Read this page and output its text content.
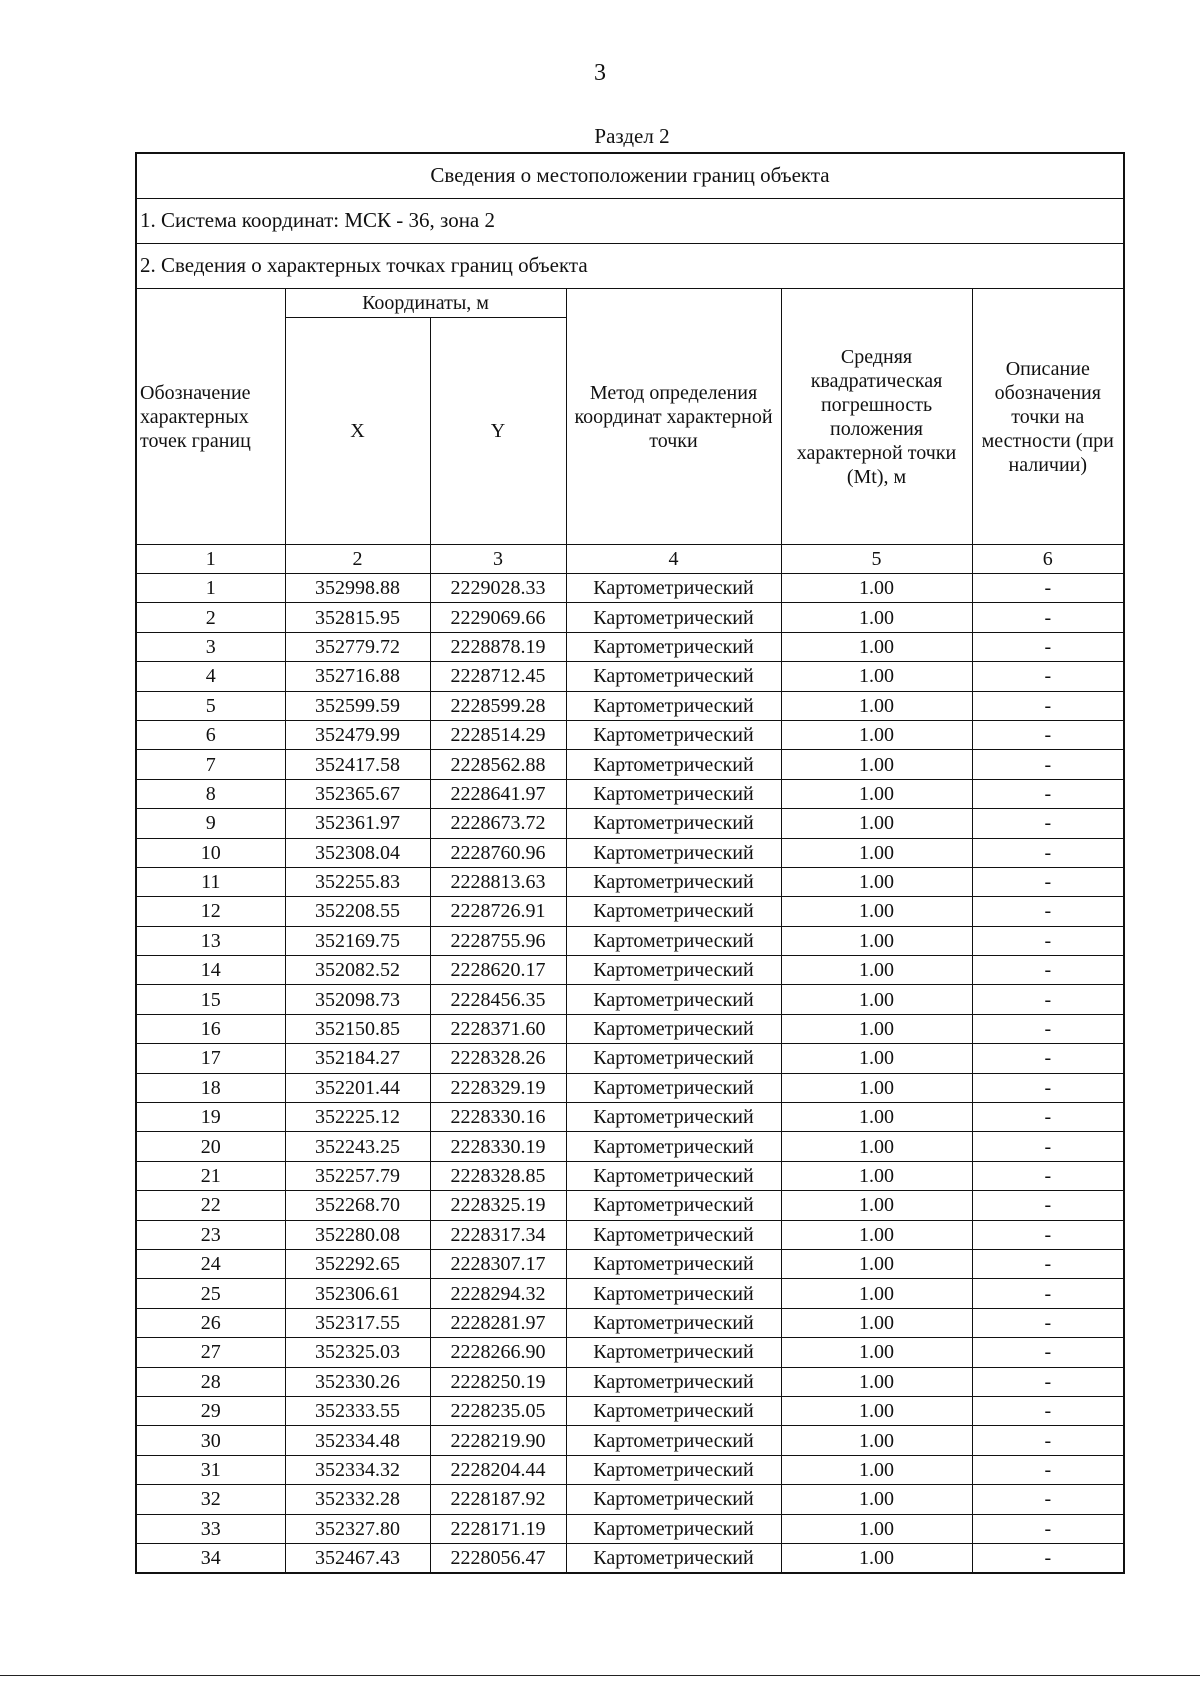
3
Раздел 2
Сведения о местоположении границ объекта					
1. Система координат: МСК - 36, зона 2					
2. Сведения о характерных точках границ объекта					
Обозначение характерных точек границ	Координаты, м		Метод определения координат характерной точки	Средняя квадратическая погрешность положения характерной точки (Mt), м	Описание обозначения точки на местности (при наличии)
	X	Y			
1	2	3	4	5	6
1	352998.88	2229028.33	Картометрический	1.00	-
2	352815.95	2229069.66	Картометрический	1.00	-
3	352779.72	2228878.19	Картометрический	1.00	-
4	352716.88	2228712.45	Картометрический	1.00	-
5	352599.59	2228599.28	Картометрический	1.00	-
6	352479.99	2228514.29	Картометрический	1.00	-
7	352417.58	2228562.88	Картометрический	1.00	-
8	352365.67	2228641.97	Картометрический	1.00	-
9	352361.97	2228673.72	Картометрический	1.00	-
10	352308.04	2228760.96	Картометрический	1.00	-
11	352255.83	2228813.63	Картометрический	1.00	-
12	352208.55	2228726.91	Картометрический	1.00	-
13	352169.75	2228755.96	Картометрический	1.00	-
14	352082.52	2228620.17	Картометрический	1.00	-
15	352098.73	2228456.35	Картометрический	1.00	-
16	352150.85	2228371.60	Картометрический	1.00	-
17	352184.27	2228328.26	Картометрический	1.00	-
18	352201.44	2228329.19	Картометрический	1.00	-
19	352225.12	2228330.16	Картометрический	1.00	-
20	352243.25	2228330.19	Картометрический	1.00	-
21	352257.79	2228328.85	Картометрический	1.00	-
22	352268.70	2228325.19	Картометрический	1.00	-
23	352280.08	2228317.34	Картометрический	1.00	-
24	352292.65	2228307.17	Картометрический	1.00	-
25	352306.61	2228294.32	Картометрический	1.00	-
26	352317.55	2228281.97	Картометрический	1.00	-
27	352325.03	2228266.90	Картометрический	1.00	-
28	352330.26	2228250.19	Картометрический	1.00	-
29	352333.55	2228235.05	Картометрический	1.00	-
30	352334.48	2228219.90	Картометрический	1.00	-
31	352334.32	2228204.44	Картометрический	1.00	-
32	352332.28	2228187.92	Картометрический	1.00	-
33	352327.80	2228171.19	Картометрический	1.00	-
34	352467.43	2228056.47	Картометрический	1.00	-
